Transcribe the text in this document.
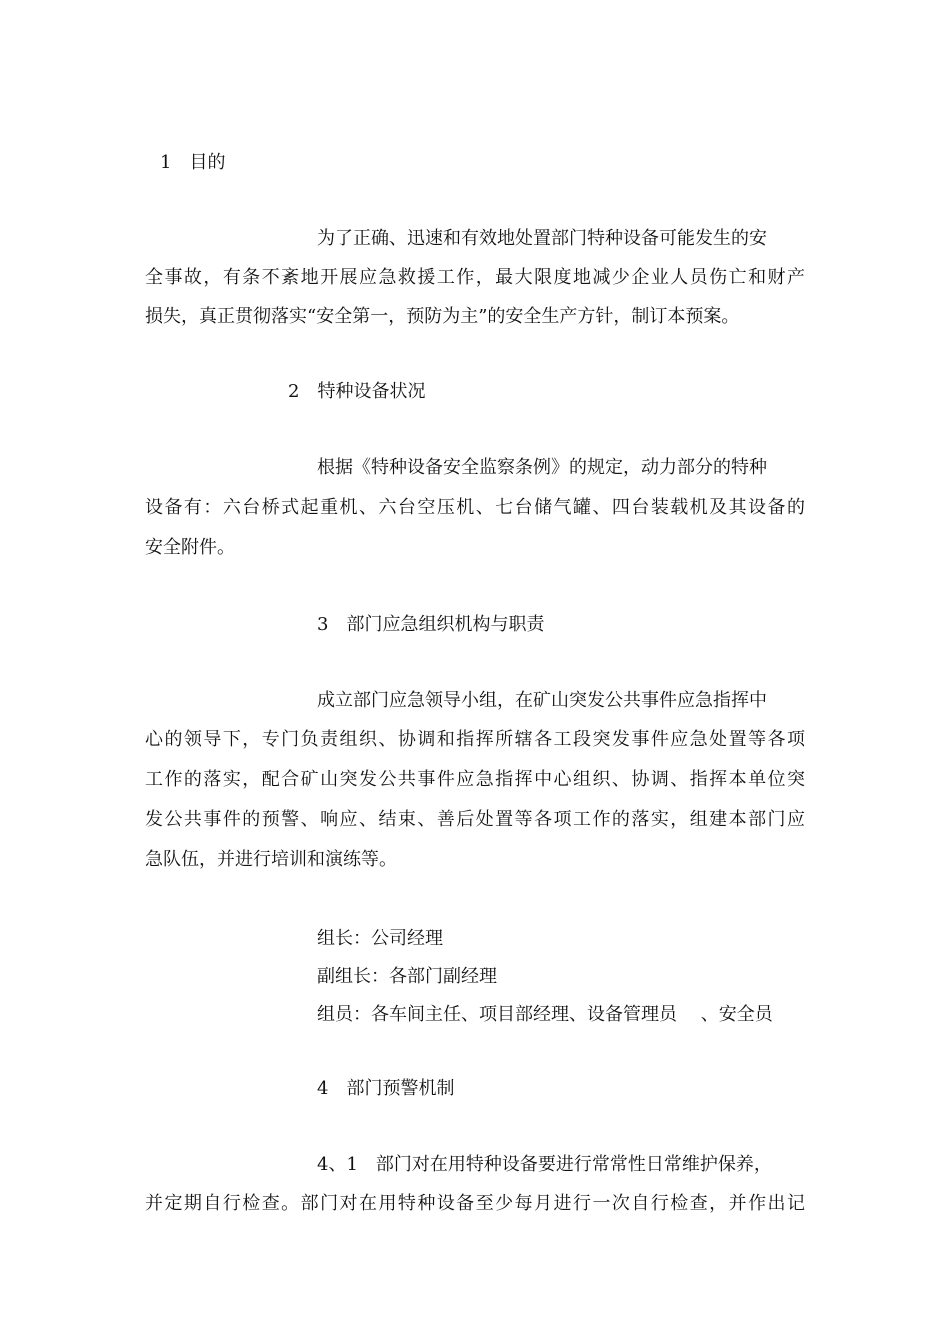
1　目的
为了正确、迅速和有效地处置部门特种设备可能发生的安
全事故，有条不紊地开展应急救援工作，最大限度地减少企业人员伤亡和财产
损失，真正贯彻落实“安全第一，预防为主”的安全生产方针，制订本预案。
2　特种设备状况
根据《特种设备安全监察条例》的规定，动力部分的特种
设备有：六台桥式起重机、六台空压机、七台储气罐、四台装载机及其设备的
安全附件。
3　部门应急组织机构与职责
成立部门应急领导小组，在矿山突发公共事件应急指挥中
心的领导下，专门负责组织、协调和指挥所辖各工段突发事件应急处置等各项
工作的落实，配合矿山突发公共事件应急指挥中心组织、协调、指挥本单位突
发公共事件的预警、响应、结束、善后处置等各项工作的落实，组建本部门应
急队伍，并进行培训和演练等。
组长：公司经理
副组长：各部门副经理
组员：各车间主任、项目部经理、设备管理员　 、安全员
4　部门预警机制
4、1　部门对在用特种设备要进行常常性日常维护保养，
并定期自行检查。部门对在用特种设备至少每月进行一次自行检查，并作出记
